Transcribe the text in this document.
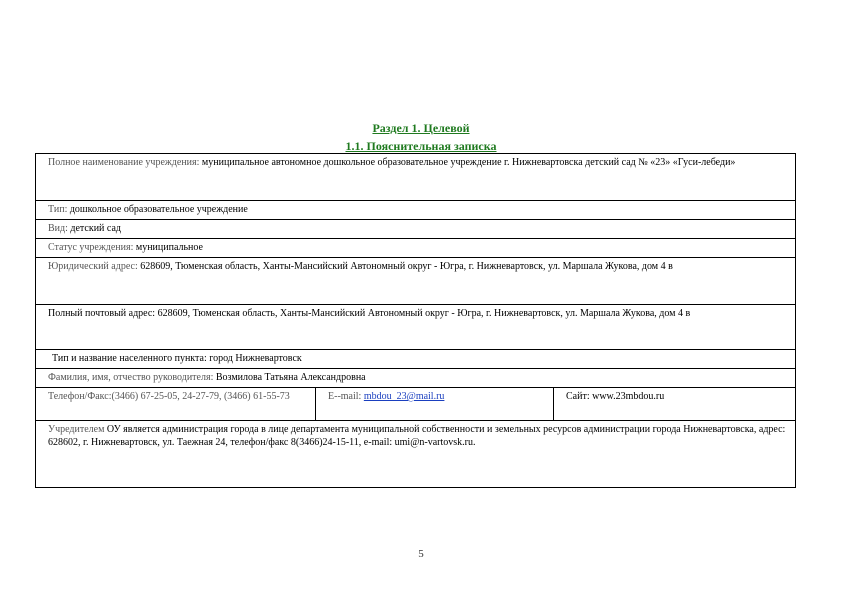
Раздел 1. Целевой
1.1. Пояснительная записка
Полное наименование учреждения: муниципальное автономное дошкольное образовательное учреждение г. Нижневартовска детский сад № «23» «Гуси-лебеди»
Тип: дошкольное образовательное учреждение
Вид: детский сад
Статус учреждения: муниципальное
Юридический адрес: 628609, Тюменская область, Ханты-Мансийский Автономный округ - Югра, г. Нижневартовск, ул. Маршала Жукова, дом 4 в
Полный почтовый адрес: 628609, Тюменская область, Ханты-Мансийский Автономный округ - Югра, г. Нижневартовск, ул. Маршала Жукова, дом 4 в
Тип и название населенного пункта: город Нижневартовск
Фамилия, имя, отчество руководителя: Возмилова Татьяна Александровна
Телефон/Факс:(3466) 67-25-05, 24-27-79, (3466) 61-55-73	E--mail: mbdou_23@mail.ru	Сайт: www.23mbdou.ru
Учредителем ОУ является администрация города в лице департамента муниципальной собственности и земельных ресурсов администрации города Нижневартовска, адрес: 628602, г. Нижневартовск, ул. Таежная 24, телефон/факс 8(3466)24-15-11, e-mail: umi@n-vartovsk.ru.
5
